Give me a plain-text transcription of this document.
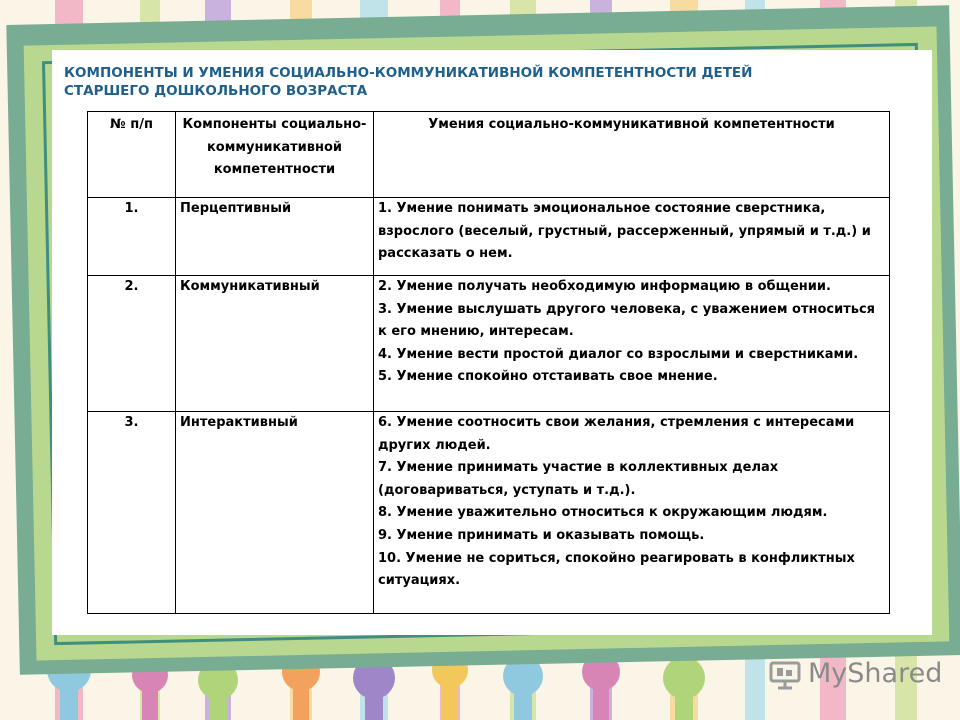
КОМПОНЕНТЫ И УМЕНИЯ СОЦИАЛЬНО-КОММУНИКАТИВНОЙ КОМПЕТЕНТНОСТИ ДЕТЕЙ СТАРШЕГО ДОШКОЛЬНОГО ВОЗРАСТА
№ п/п	Компоненты социально-коммуникативной компетентности	Умения социально-коммуникативной компетентности
1.	Перцептивный	1. Умение понимать эмоциональное состояние сверстника, взрослого (веселый, грустный, рассерженный, упрямый и т.д.) и рассказать о нем.

2.	Коммуникативный	2. Умение получать необходимую информацию в общении.
3. Умение выслушать другого человека, с уважением относиться к его мнению, интересам.
4. Умение вести простой диалог со взрослыми и сверстниками.
5. Умение спокойно отстаивать свое мнение.

3.	Интерактивный	6. Умение соотносить свои желания, стремления с интересами других людей.
7. Умение принимать участие в коллективных делах (договариваться, уступать и т.д.).
8. Умение уважительно относиться к окружающим людям.
9. Умение принимать и оказывать помощь.
10. Умение не сориться, спокойно реагировать в конфликтных ситуациях.
MyShared
